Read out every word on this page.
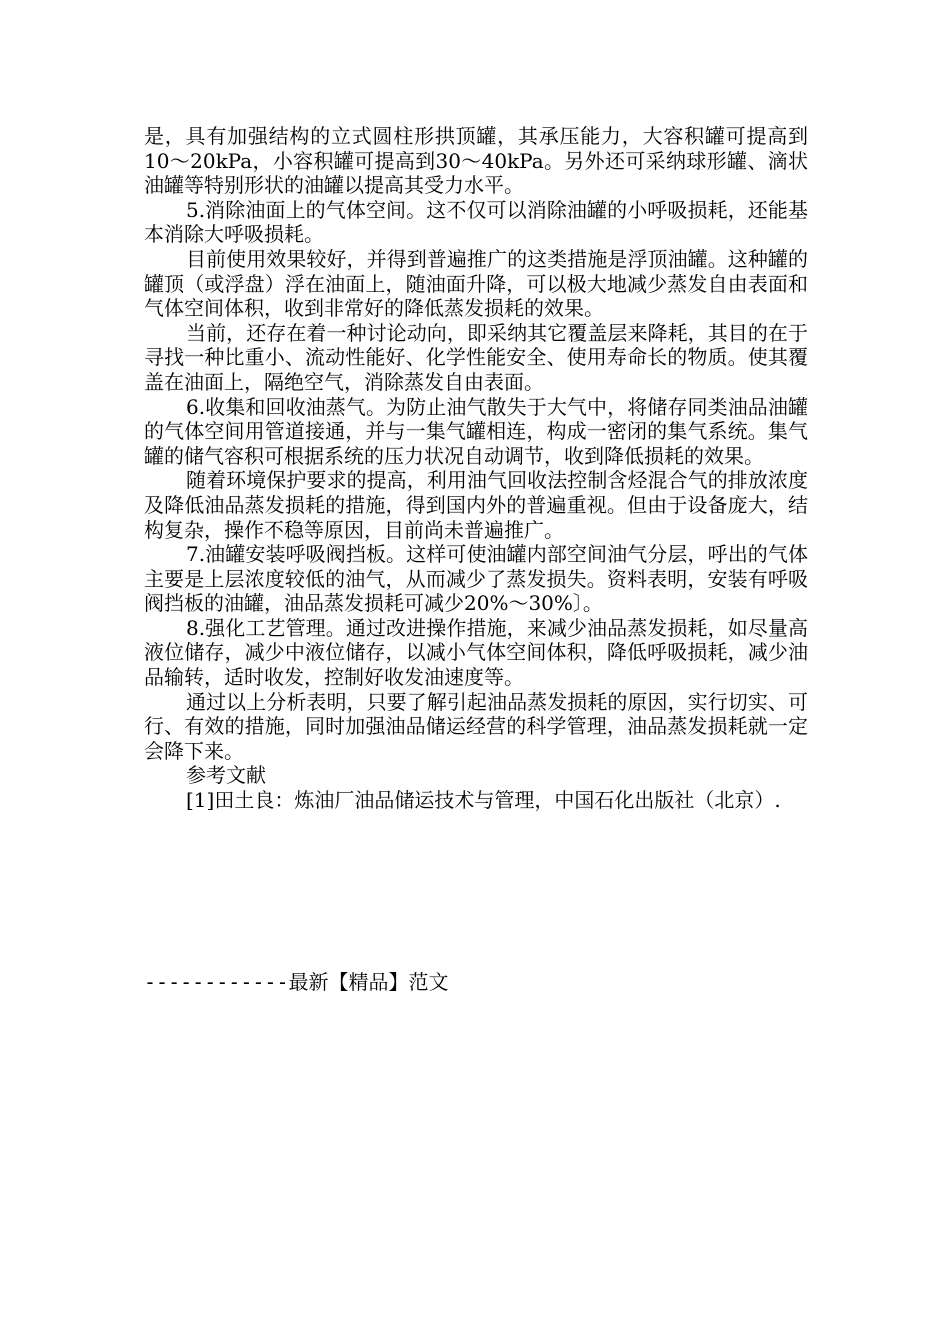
是，具有加强结构的立式圆柱形拱顶罐，其承压能力，大容积罐可提高到10～20kPa，小容积罐可提高到30～40kPa。另外还可采纳球形罐、滴状油罐等特别形状的油罐以提高其受力水平。

5.消除油面上的气体空间。这不仅可以消除油罐的小呼吸损耗，还能基本消除大呼吸损耗。

目前使用效果较好，并得到普遍推广的这类措施是浮顶油罐。这种罐的罐顶（或浮盘）浮在油面上，随油面升降，可以极大地减少蒸发自由表面和气体空间体积，收到非常好的降低蒸发损耗的效果。

当前，还存在着一种讨论动向，即采纳其它覆盖层来降耗，其目的在于寻找一种比重小、流动性能好、化学性能安全、使用寿命长的物质。使其覆盖在油面上，隔绝空气，消除蒸发自由表面。

6.收集和回收油蒸气。为防止油气散失于大气中，将储存同类油品油罐的气体空间用管道接通，并与一集气罐相连，构成一密闭的集气系统。集气罐的储气容积可根据系统的压力状况自动调节，收到降低损耗的效果。

随着环境保护要求的提高，利用油气回收法控制含烃混合气的排放浓度及降低油品蒸发损耗的措施，得到国内外的普遍重视。但由于设备庞大，结构复杂，操作不稳等原因，目前尚未普遍推广。

7.油罐安装呼吸阀挡板。这样可使油罐内部空间油气分层，呼出的气体主要是上层浓度较低的油气，从而减少了蒸发损失。资料表明，安装有呼吸阀挡板的油罐，油品蒸发损耗可减少20%～30%〕。

8.强化工艺管理。通过改进操作措施，来减少油品蒸发损耗，如尽量高液位储存，减少中液位储存，以减小气体空间体积，降低呼吸损耗，减少油品输转，适时收发，控制好收发油速度等。

通过以上分析表明，只要了解引起油品蒸发损耗的原因，实行切实、可行、有效的措施，同时加强油品储运经营的科学管理，油品蒸发损耗就一定会降下来。

参考文献

[1]田土良：炼油厂油品储运技术与管理，中国石化出版社（北京）.

------------最新【精品】范文
